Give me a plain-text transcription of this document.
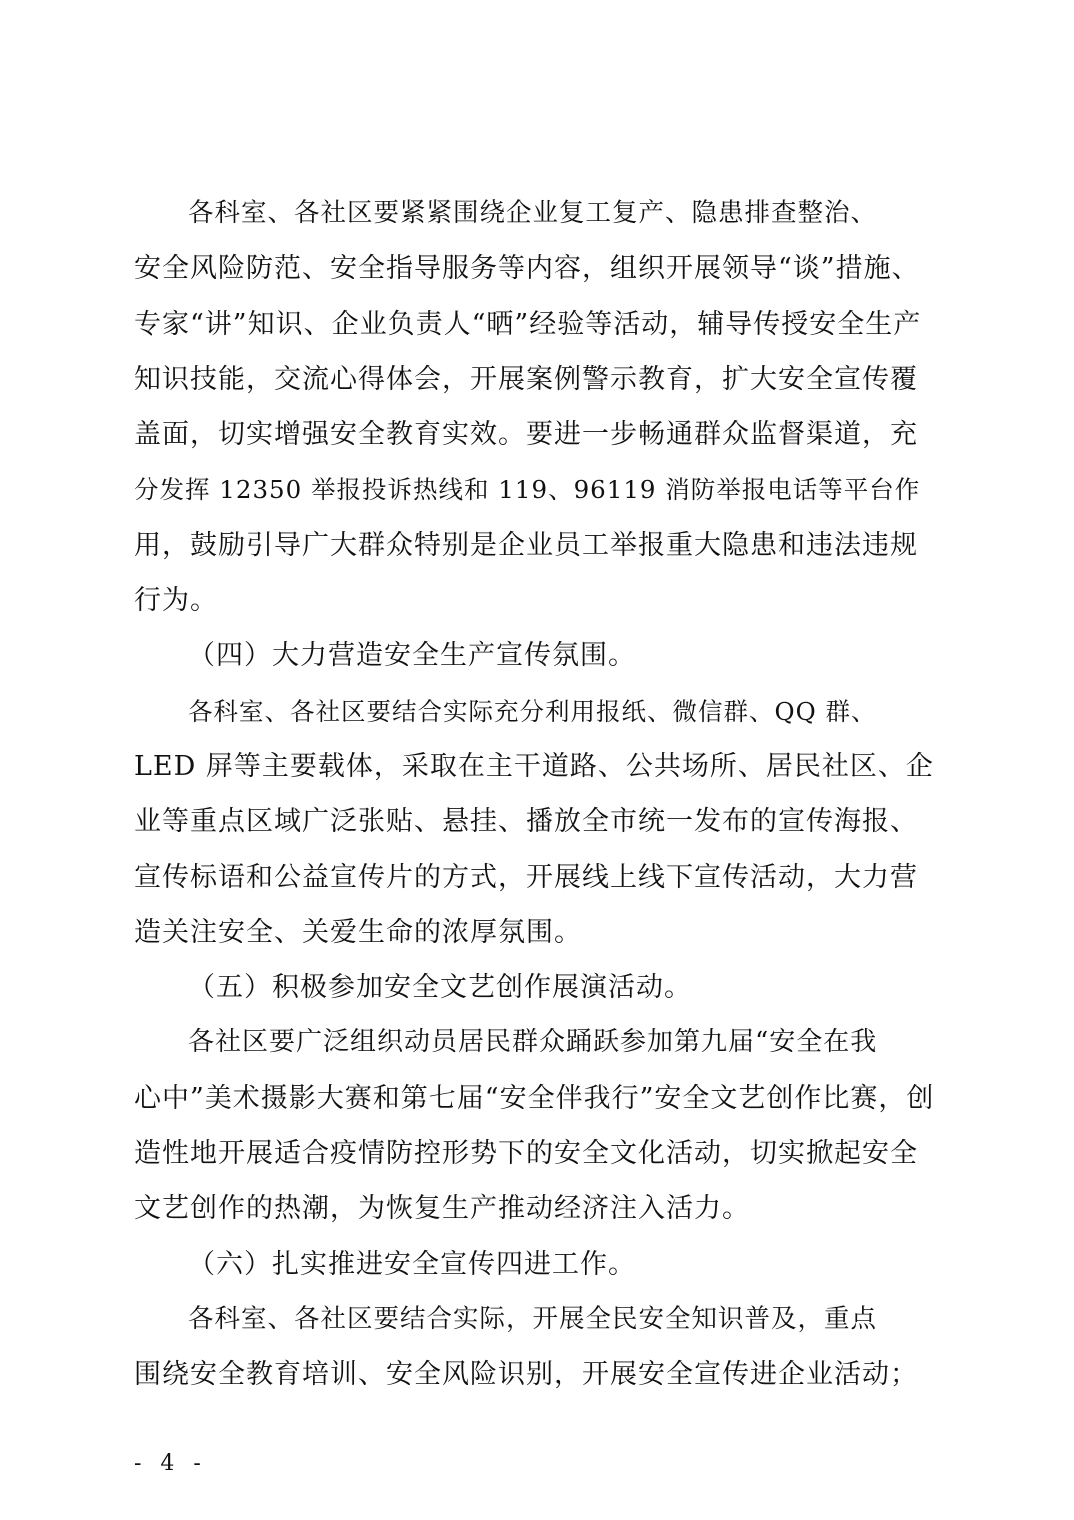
各科室、各社区要紧紧围绕企业复工复产、隐患排查整治、
安全风险防范、安全指导服务等内容，组织开展领导“谈”措施、
专家“讲”知识、企业负责人“晒”经验等活动，辅导传授安全生产
知识技能，交流心得体会，开展案例警示教育，扩大安全宣传覆
盖面，切实增强安全教育实效。要进一步畅通群众监督渠道，充
分发挥 12350 举报投诉热线和 119、96119 消防举报电话等平台作
用，鼓励引导广大群众特别是企业员工举报重大隐患和违法违规
行为。
（四）大力营造安全生产宣传氛围。
各科室、各社区要结合实际充分利用报纸、微信群、QQ 群、
LED 屏等主要载体，采取在主干道路、公共场所、居民社区、企
业等重点区域广泛张贴、悬挂、播放全市统一发布的宣传海报、
宣传标语和公益宣传片的方式，开展线上线下宣传活动，大力营
造关注安全、关爱生命的浓厚氛围。
（五）积极参加安全文艺创作展演活动。
各社区要广泛组织动员居民群众踊跃参加第九届“安全在我
心中”美术摄影大赛和第七届“安全伴我行”安全文艺创作比赛，创
造性地开展适合疫情防控形势下的安全文化活动，切实掀起安全
文艺创作的热潮，为恢复生产推动经济注入活力。
（六）扎实推进安全宣传四进工作。
各科室、各社区要结合实际，开展全民安全知识普及，重点
围绕安全教育培训、安全风险识别，开展安全宣传进企业活动；
- 4 -
